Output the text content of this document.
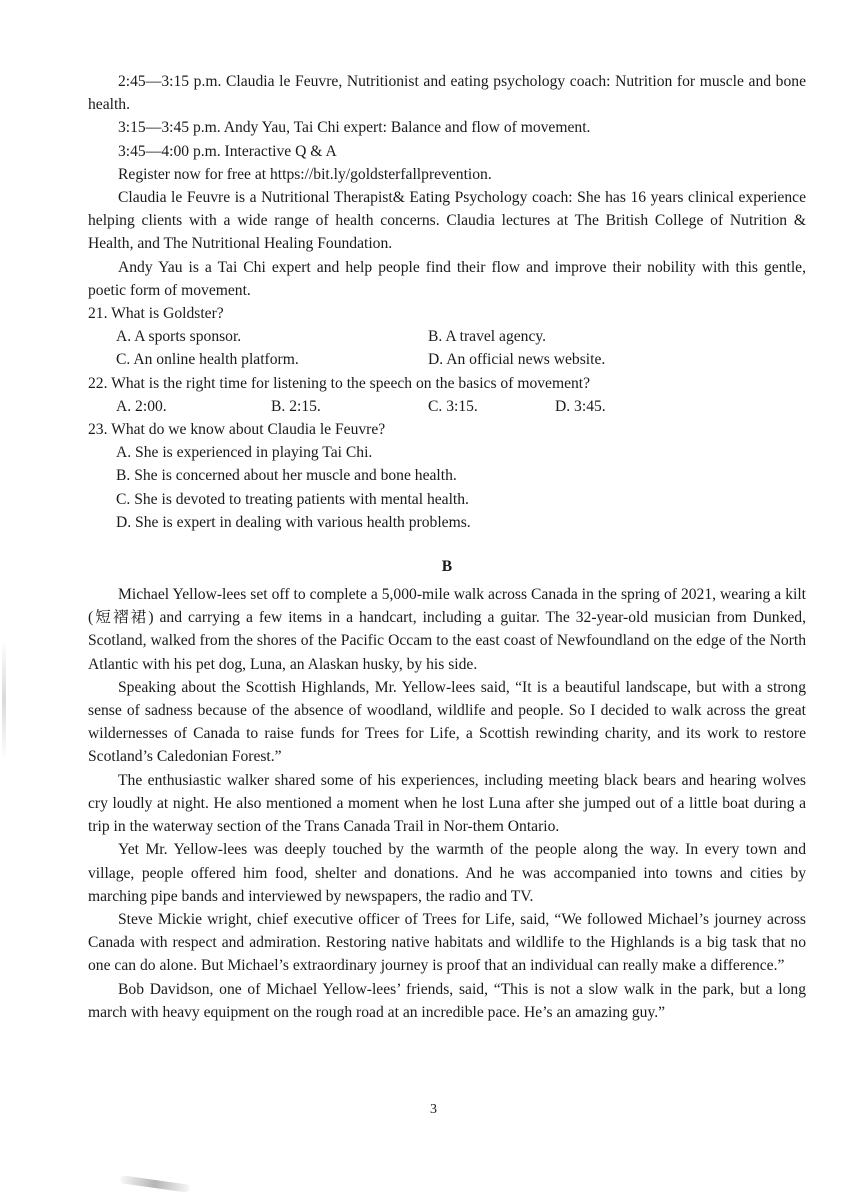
2:45—3:15 p.m. Claudia le Feuvre, Nutritionist and eating psychology coach: Nutrition for muscle and bone health.

3:15—3:45 p.m. Andy Yau, Tai Chi expert: Balance and flow of movement.

3:45—4:00 p.m. Interactive Q & A

Register now for free at https://bit.ly/goldsterfallprevention.

Claudia le Feuvre is a Nutritional Therapist& Eating Psychology coach: She has 16 years clinical experience helping clients with a wide range of health concerns. Claudia lectures at The British College of Nutrition & Health, and The Nutritional Healing Foundation.

Andy Yau is a Tai Chi expert and help people find their flow and improve their nobility with this gentle, poetic form of movement.

21. What is Goldster?
A. A sports sponsor.	B. A travel agency.
C. An online health platform.	D. An official news website.
22. What is the right time for listening to the speech on the basics of movement?
A. 2:00.	B. 2:15.	C. 3:15.	D. 3:45.
23. What do we know about Claudia le Feuvre?
A. She is experienced in playing Tai Chi.
B. She is concerned about her muscle and bone health.
C. She is devoted to treating patients with mental health.
D. She is expert in dealing with various health problems.
B

Michael Yellow-lees set off to complete a 5,000-mile walk across Canada in the spring of 2021, wearing a kilt (短褶裙) and carrying a few items in a handcart, including a guitar. The 32-year-old musician from Dunked, Scotland, walked from the shores of the Pacific Occam to the east coast of Newfoundland on the edge of the North Atlantic with his pet dog, Luna, an Alaskan husky, by his side.

Speaking about the Scottish Highlands, Mr. Yellow-lees said, “It is a beautiful landscape, but with a strong sense of sadness because of the absence of woodland, wildlife and people. So I decided to walk across the great wildernesses of Canada to raise funds for Trees for Life, a Scottish rewinding charity, and its work to restore Scotland’s Caledonian Forest.”

The enthusiastic walker shared some of his experiences, including meeting black bears and hearing wolves cry loudly at night. He also mentioned a moment when he lost Luna after she jumped out of a little boat during a trip in the waterway section of the Trans Canada Trail in Nor-them Ontario.

Yet Mr. Yellow-lees was deeply touched by the warmth of the people along the way. In every town and village, people offered him food, shelter and donations. And he was accompanied into towns and cities by marching pipe bands and interviewed by newspapers, the radio and TV.

Steve Mickie wright, chief executive officer of Trees for Life, said, “We followed Michael’s journey across Canada with respect and admiration. Restoring native habitats and wildlife to the Highlands is a big task that no one can do alone. But Michael’s extraordinary journey is proof that an individual can really make a difference.”

Bob Davidson, one of Michael Yellow-lees’ friends, said, “This is not a slow walk in the park, but a long march with heavy equipment on the rough road at an incredible pace. He’s an amazing guy.”

3
